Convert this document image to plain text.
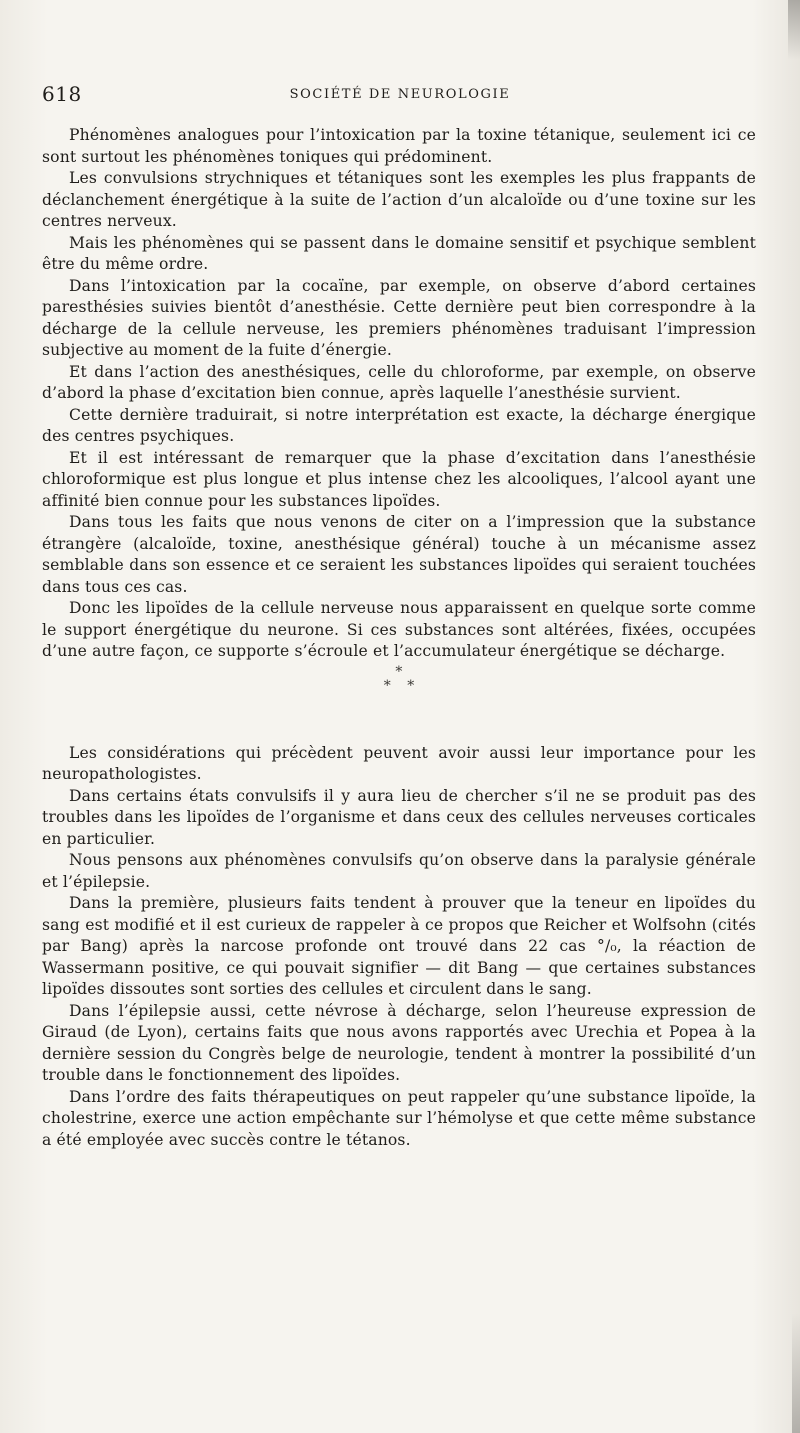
618	SOCIÉTÉ DE NEUROLOGIE

Phénomènes analogues pour l’intoxication par la toxine tétanique, seulement ici ce sont surtout les phénomènes toniques qui prédominent.

Les convulsions strychniques et tétaniques sont les exemples les plus frappants de déclanchement énergétique à la suite de l’action d’un alcaloïde ou d’une toxine sur les centres nerveux.

Mais les phénomènes qui se passent dans le domaine sensitif et psychique semblent être du même ordre.

Dans l’intoxication par la cocaïne, par exemple, on observe d’abord certaines paresthésies suivies bientôt d’anesthésie. Cette dernière peut bien correspondre à la décharge de la cellule nerveuse, les premiers phénomènes traduisant l’impression subjective au moment de la fuite d’énergie.

Et dans l’action des anesthésiques, celle du chloroforme, par exemple, on observe d’abord la phase d’excitation bien connue, après laquelle l’anesthésie survient.

Cette dernière traduirait, si notre interprétation est exacte, la décharge énergique des centres psychiques.

Et il est intéressant de remarquer que la phase d’excitation dans l’anesthésie chloroformique est plus longue et plus intense chez les alcooliques, l’alcool ayant une affinité bien connue pour les substances lipoïdes.

Dans tous les faits que nous venons de citer on a l’impression que la substance étrangère (alcaloïde, toxine, anesthésique général) touche à un mécanisme assez semblable dans son essence et ce seraient les substances lipoïdes qui seraient touchées dans tous ces cas.

Donc les lipoïdes de la cellule nerveuse nous apparaissent en quelque sorte comme le support énergétique du neurone. Si ces substances sont altérées, fixées, occupées d’une autre façon, ce supporte s’écroule et l’accumulateur énergétique se décharge.

*
* *

Les considérations qui précèdent peuvent avoir aussi leur importance pour les neuropathologistes.

Dans certains états convulsifs il y aura lieu de chercher s’il ne se produit pas des troubles dans les lipoïdes de l’organisme et dans ceux des cellules nerveuses corticales en particulier.

Nous pensons aux phénomènes convulsifs qu’on observe dans la paralysie générale et l’épilepsie.

Dans la première, plusieurs faits tendent à prouver que la teneur en lipoïdes du sang est modifié et il est curieux de rappeler à ce propos que Reicher et Wolfsohn (cités par Bang) après la narcose profonde ont trouvé dans 22 cas °/₀, la réaction de Wassermann positive, ce qui pouvait signifier — dit Bang — que certaines substances lipoïdes dissoutes sont sorties des cellules et circulent dans le sang.

Dans l’épilepsie aussi, cette névrose à décharge, selon l’heureuse expression de Giraud (de Lyon), certains faits que nous avons rapportés avec Urechia et Popea à la dernière session du Congrès belge de neurologie, tendent à montrer la possibilité d’un trouble dans le fonctionnement des lipoïdes.

Dans l’ordre des faits thérapeutiques on peut rappeler qu’une substance lipoïde, la cholestrine, exerce une action empêchante sur l’hémolyse et que cette même substance a été employée avec succès contre le tétanos.
